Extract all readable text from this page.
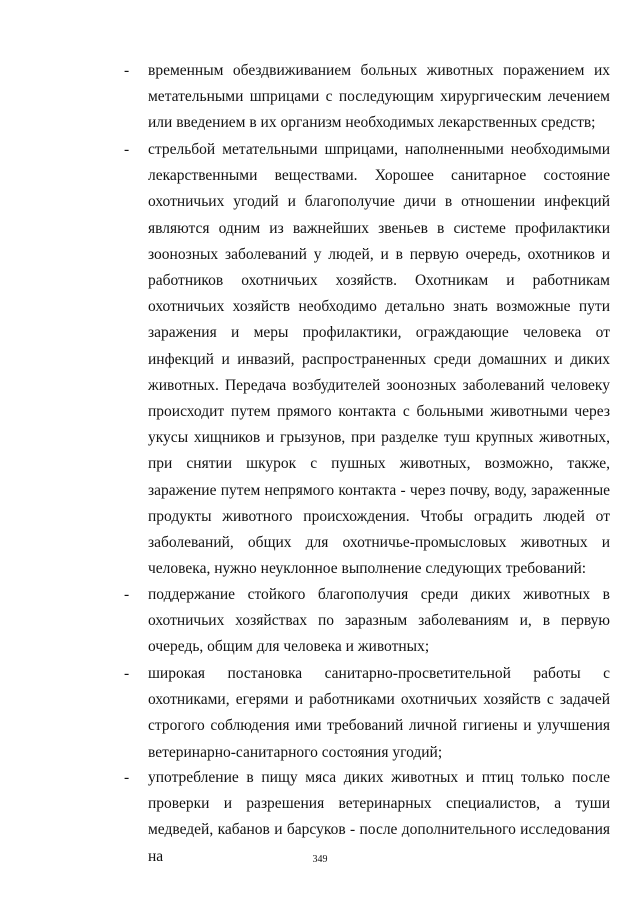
- временным обездвиживанием больных животных поражением их метательными шприцами с последующим хирургическим лечением или введением в их организм необходимых лекарственных средств;
- стрельбой метательными шприцами, наполненными необходимыми лекарственными веществами. Хорошее санитарное состояние охотничьих угодий и благополучие дичи в отношении инфекций являются одним из важнейших звеньев в системе профилактики зоонозных заболеваний у людей, и в первую очередь, охотников и работников охотничьих хозяйств. Охотникам и работникам охотничьих хозяйств необходимо детально знать возможные пути заражения и меры профилактики, ограждающие человека от инфекций и инвазий, распространенных среди домашних и диких животных. Передача возбудителей зоонозных заболеваний человеку происходит путем прямого контакта с больными животными через укусы хищников и грызунов, при разделке туш крупных животных, при снятии шкурок с пушных животных, возможно, также, заражение путем непрямого контакта - через почву, воду, зараженные продукты животного происхождения. Чтобы оградить людей от заболеваний, общих для охотничье-промысловых животных и человека, нужно неуклонное выполнение следующих требований:
- поддержание стойкого благополучия среди диких животных в охотничьих хозяйствах по заразным заболеваниям и, в первую очередь, общим для человека и животных;
- широкая постановка санитарно-просветительной работы с охотниками, егерями и работниками охотничьих хозяйств с задачей строгого соблюдения ими требований личной гигиены и улучшения ветеринарно-санитарного состояния угодий;
- употребление в пищу мяса диких животных и птиц только после проверки и разрешения ветеринарных специалистов, а туши медведей, кабанов и барсуков - после дополнительного исследования на	349
